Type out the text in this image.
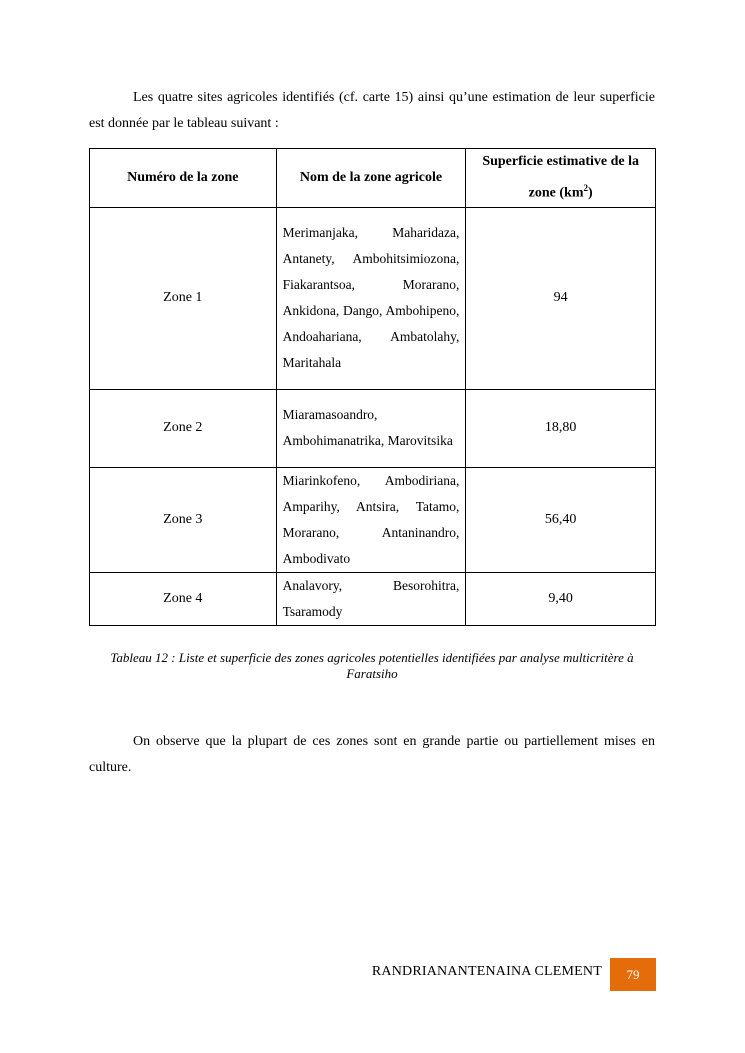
Les quatre sites agricoles identifiés (cf. carte 15) ainsi qu’une estimation de leur superficie est donnée par le tableau suivant :

Numéro de la zone	Nom de la zone agricole	Superficie estimative de la zone $(km^2)$
Zone 1	Merimanjaka, Maharidaza, Antanety, Ambohitsimiozona, Fiakarantsoa, Morarano, Ankidona, Dango, Ambohipeno, Andoahariana, Ambatolahy, Maritahala	94
Zone 2	Miaramasoandro, Ambohimanatrika, Marovitsika	18,80
Zone 3	Miarinkofeno, Ambodiriana, Amparihy, Antsira, Tatamo, Morarano, Antaninandro, Ambodivato	56,40
Zone 4	Analavory, Besorohitra, Tsaramody	9,40

Tableau 12 : Liste et superficie des zones agricoles potentielles identifiées par analyse multicritère à Faratsiho

On observe que la plupart de ces zones sont en grande partie ou partiellement mises en culture.

RANDRIANANTENAINA CLEMENT	79
